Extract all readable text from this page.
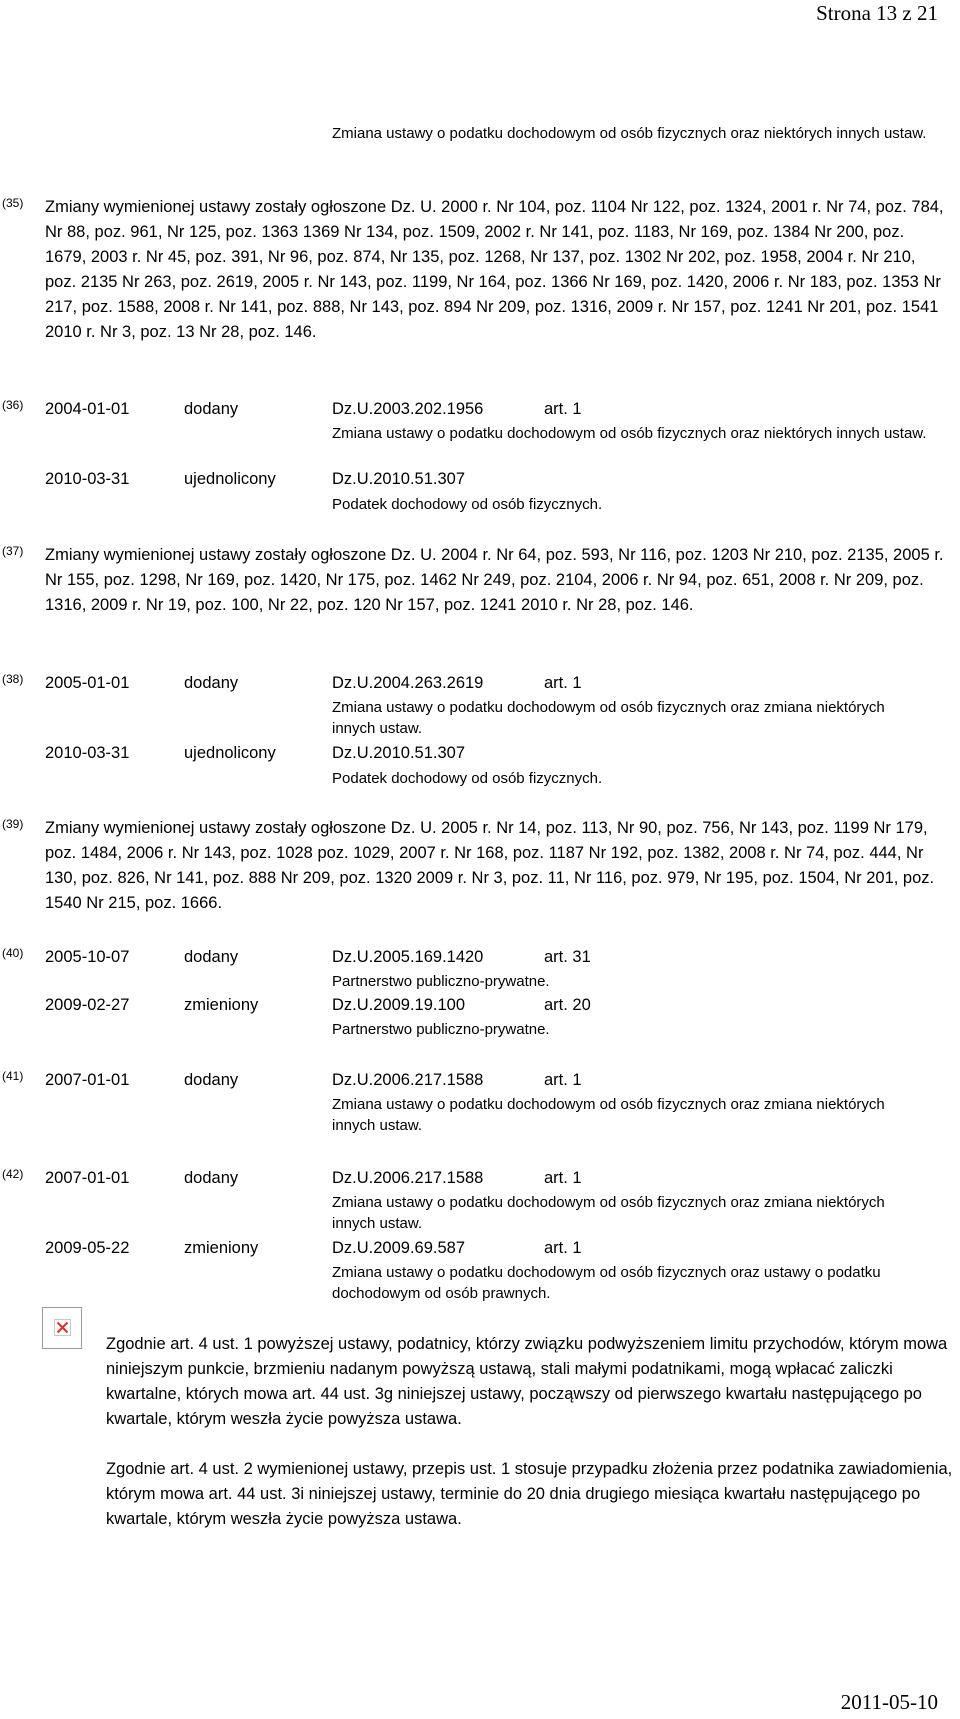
Strona 13 z 21
Zmiana ustawy o podatku dochodowym od osób fizycznych oraz niektórych innych ustaw.
(35) Zmiany wymienionej ustawy zostały ogłoszone Dz. U. 2000 r. Nr 104, poz. 1104 Nr 122, poz. 1324, 2001 r. Nr 74, poz. 784, Nr 88, poz. 961, Nr 125, poz. 1363 1369 Nr 134, poz. 1509, 2002 r. Nr 141, poz. 1183, Nr 169, poz. 1384 Nr 200, poz. 1679, 2003 r. Nr 45, poz. 391, Nr 96, poz. 874, Nr 135, poz. 1268, Nr 137, poz. 1302 Nr 202, poz. 1958, 2004 r. Nr 210, poz. 2135 Nr 263, poz. 2619, 2005 r. Nr 143, poz. 1199, Nr 164, poz. 1366 Nr 169, poz. 1420, 2006 r. Nr 183, poz. 1353 Nr 217, poz. 1588, 2008 r. Nr 141, poz. 888, Nr 143, poz. 894 Nr 209, poz. 1316, 2009 r. Nr 157, poz. 1241 Nr 201, poz. 1541 2010 r. Nr 3, poz. 13 Nr 28, poz. 146.
(36) 2004-01-01	dodany	Dz.U.2003.202.1956	art. 1
Zmiana ustawy o podatku dochodowym od osób fizycznych oraz niektórych innych ustaw.
2010-03-31	ujednolicony	Dz.U.2010.51.307
Podatek dochodowy od osób fizycznych.
(37) Zmiany wymienionej ustawy zostały ogłoszone Dz. U. 2004 r. Nr 64, poz. 593, Nr 116, poz. 1203 Nr 210, poz. 2135, 2005 r. Nr 155, poz. 1298, Nr 169, poz. 1420, Nr 175, poz. 1462 Nr 249, poz. 2104, 2006 r. Nr 94, poz. 651, 2008 r. Nr 209, poz. 1316, 2009 r. Nr 19, poz. 100, Nr 22, poz. 120 Nr 157, poz. 1241 2010 r. Nr 28, poz. 146.
(38) 2005-01-01	dodany	Dz.U.2004.263.2619	art. 1
Zmiana ustawy o podatku dochodowym od osób fizycznych oraz zmiana niektórych innych ustaw.
2010-03-31	ujednolicony	Dz.U.2010.51.307
Podatek dochodowy od osób fizycznych.
(39) Zmiany wymienionej ustawy zostały ogłoszone Dz. U. 2005 r. Nr 14, poz. 113, Nr 90, poz. 756, Nr 143, poz. 1199 Nr 179, poz. 1484, 2006 r. Nr 143, poz. 1028 poz. 1029, 2007 r. Nr 168, poz. 1187 Nr 192, poz. 1382, 2008 r. Nr 74, poz. 444, Nr 130, poz. 826, Nr 141, poz. 888 Nr 209, poz. 1320 2009 r. Nr 3, poz. 11, Nr 116, poz. 979, Nr 195, poz. 1504, Nr 201, poz. 1540 Nr 215, poz. 1666.
(40) 2005-10-07	dodany	Dz.U.2005.169.1420	art. 31
Partnerstwo publiczno-prywatne.
2009-02-27	zmieniony	Dz.U.2009.19.100	art. 20
Partnerstwo publiczno-prywatne.
(41) 2007-01-01	dodany	Dz.U.2006.217.1588	art. 1
Zmiana ustawy o podatku dochodowym od osób fizycznych oraz zmiana niektórych innych ustaw.
(42) 2007-01-01	dodany	Dz.U.2006.217.1588	art. 1
Zmiana ustawy o podatku dochodowym od osób fizycznych oraz zmiana niektórych innych ustaw.
2009-05-22	zmieniony	Dz.U.2009.69.587	art. 1
Zmiana ustawy o podatku dochodowym od osób fizycznych oraz ustawy o podatku dochodowym od osób prawnych.
Zgodnie art. 4 ust. 1 powyższej ustawy, podatnicy, którzy związku podwyższeniem limitu przychodów, którym mowa niniejszym punkcie, brzmieniu nadanym powyższą ustawą, stali małymi podatnikami, mogą wpłacać zaliczki kwartalne, których mowa art. 44 ust. 3g niniejszej ustawy, począwszy od pierwszego kwartału następującego po kwartale, którym weszła życie powyższa ustawa.
Zgodnie art. 4 ust. 2 wymienionej ustawy, przepis ust. 1 stosuje przypadku złożenia przez podatnika zawiadomienia, którym mowa art. 44 ust. 3i niniejszej ustawy, terminie do 20 dnia drugiego miesiąca kwartału następującego po kwartale, którym weszła życie powyższa ustawa.
2011-05-10
